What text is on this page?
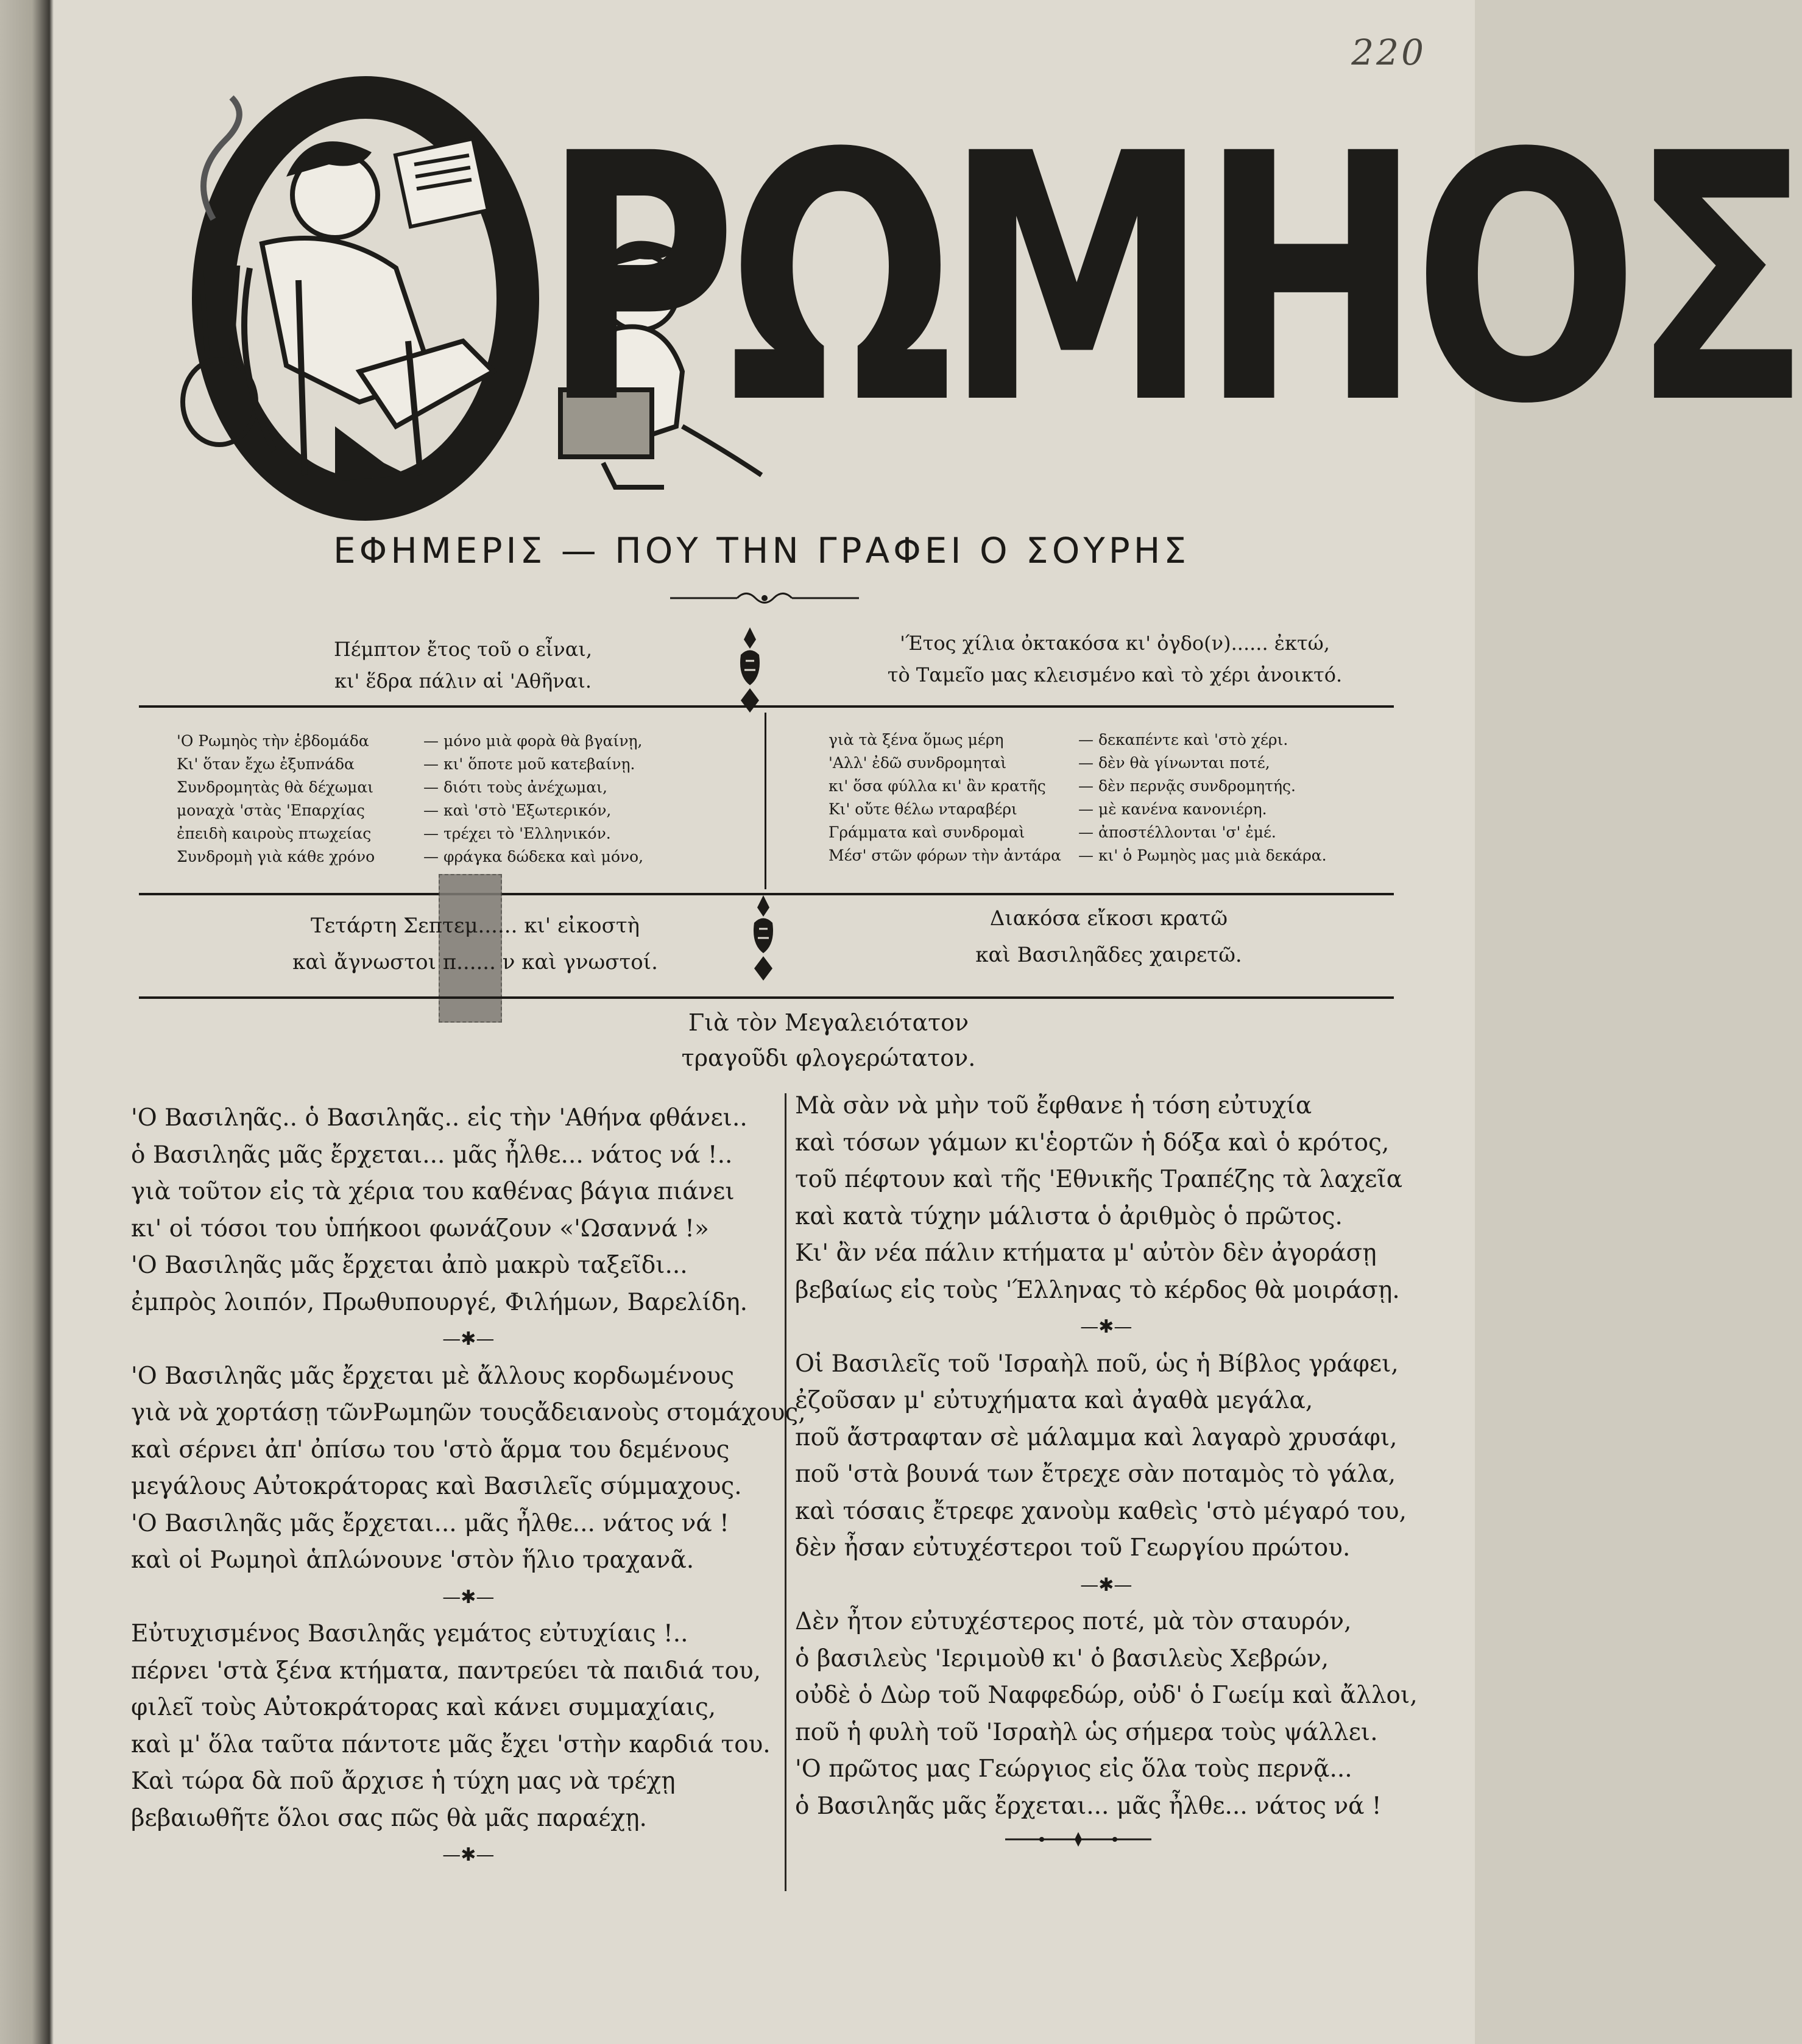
220
ΡΩΜΗΟΣ
ΕΦΗΜΕΡΙΣ — ΠΟΥ ΤΗΝ ΓΡΑΦΕΙ Ο ΣΟΥΡΗΣ
Πέμπτον ἔτος τοῦ ο εἶναι,
κι' ἕδρα πάλιν αἱ 'Αθῆναι.
'Έτος χίλια ὀκτακόσα κι' ὀγδο(ν)...... ἐκτώ,
τὸ Ταμεῖο μας κλεισμένο καὶ τὸ χέρι ἀνοικτό.
'Ο Ρωμηὸς τὴν ἑβδομάδα	— μόνο μιὰ φορὰ θὰ βγαίνῃ,
Κι' ὅταν ἔχω ἐξυπνάδα	— κι' ὅποτε μοῦ κατεβαίνῃ.
Συνδρομητὰς θὰ δέχωμαι	— διότι τοὺς ἀνέχωμαι,
μοναχὰ 'στὰς 'Επαρχίας	— καὶ 'στὸ 'Εξωτερικόν,
ἐπειδὴ καιροὺς πτωχείας	— τρέχει τὸ 'Ελληνικόν.
Συνδρομὴ γιὰ κάθε χρόνο	— φράγκα δώδεκα καὶ μόνο,
γιὰ τὰ ξένα ὅμως μέρη	— δεκαπέντε καὶ 'στὸ χέρι.
'Αλλ' ἐδῶ συνδρομηταὶ	— δὲν θὰ γίνωνται ποτέ,
κι' ὅσα φύλλα κι' ἂν κρατῆς — δὲν περνᾷς συνδρομητής.
Κι' οὔτε θέλω νταραβέρι	— μὲ κανένα κανονιέρη.
Γράμματα καὶ συνδρομαὶ	— ἀποστέλλονται 'σ' ἐμέ.
Μέσ' στῶν φόρων τὴν ἀντάρα — κι' ὁ Ρωμηὸς μας μιὰ δεκάρα.
Τετάρτη Σεπτεμ...... κι' εἰκοστὴ
καὶ ἄγνωστοι π...... ν καὶ γνωστοί.
Διακόσα εἴκοσι κρατῶ
καὶ Βασιληᾶδες χαιρετῶ.
Γιὰ τὸν Μεγαλειότατον
τραγοῦδι φλογερώτατον.
'Ο Βασιληᾶς.. ὁ Βασιληᾶς.. εἰς τὴν 'Αθήνα φθάνει..
ὁ Βασιληᾶς μᾶς ἔρχεται... μᾶς ἦλθε... νάτος νά !..
γιὰ τοῦτον εἰς τὰ χέρια του καθένας βάγια πιάνει
κι' οἱ τόσοι του ὑπήκοοι φωνάζουν «'Ωσαννά !»
'Ο Βασιληᾶς μᾶς ἔρχεται ἀπὸ μακρὺ ταξεῖδι...
ἐμπρὸς λοιπόν, Πρωθυπουργέ, Φιλήμων, Βαρελίδη.
—✱—
'Ο Βασιληᾶς μᾶς ἔρχεται μὲ ἄλλους κορδωμένους
γιὰ νὰ χορτάσῃ τῶνΡωμηῶν τουςἄδειανοὺς στομάχους,
καὶ σέρνει ἀπ' ὀπίσω του 'στὸ ἅρμα του δεμένους
μεγάλους Αὐτοκράτορας καὶ Βασιλεῖς σύμμαχους.
'Ο Βασιληᾶς μᾶς ἔρχεται... μᾶς ἦλθε... νάτος νά !
καὶ οἱ Ρωμηοὶ ἁπλώνουνε 'στὸν ἥλιο τραχανᾶ.
—✱—
Εὐτυχισμένος Βασιληᾶς γεμάτος εὐτυχίαις !..
πέρνει 'στὰ ξένα κτήματα, παντρεύει τὰ παιδιά του,
φιλεῖ τοὺς Αὐτοκράτορας καὶ κάνει συμμαχίαις,
καὶ μ' ὅλα ταῦτα πάντοτε μᾶς ἔχει 'στὴν καρδιά του.
Καὶ τώρα δὰ ποῦ ἄρχισε ἡ τύχη μας νὰ τρέχῃ
βεβαιωθῆτε ὅλοι σας πῶς θὰ μᾶς παραέχῃ.
—✱—
Μὰ σὰν νὰ μὴν τοῦ ἔφθανε ἡ τόση εὐτυχία
καὶ τόσων γάμων κι'ἑορτῶν ἡ δόξα καὶ ὁ κρότος,
τοῦ πέφτουν καὶ τῆς 'Εθνικῆς Τραπέζης τὰ λαχεῖα
καὶ κατὰ τύχην μάλιστα ὁ ἀριθμὸς ὁ πρῶτος.
Κι' ἂν νέα πάλιν κτήματα μ' αὐτὸν δὲν ἀγοράσῃ
βεβαίως εἰς τοὺς 'Έλληνας τὸ κέρδος θὰ μοιράσῃ.
—✱—
Οἱ Βασιλεῖς τοῦ 'Ισραὴλ ποῦ, ὡς ἡ Βίβλος γράφει,
ἐζοῦσαν μ' εὐτυχήματα καὶ ἀγαθὰ μεγάλα,
ποῦ ἄστραφταν σὲ μάλαμμα καὶ λαγαρὸ χρυσάφι,
ποῦ 'στὰ βουνά των ἔτρεχε σὰν ποταμὸς τὸ γάλα,
καὶ τόσαις ἔτρεφε χανοὺμ καθεὶς 'στὸ μέγαρό του,
δὲν ἦσαν εὐτυχέστεροι τοῦ Γεωργίου πρώτου.
—✱—
Δὲν ἦτον εὐτυχέστερος ποτέ, μὰ τὸν σταυρόν,
ὁ βασιλεὺς 'Ιεριμοὺθ κι' ὁ βασιλεὺς Χεβρών,
οὐδὲ ὁ Δὼρ τοῦ Ναφφεδώρ, οὐδ' ὁ Γωείμ καὶ ἄλλοι,
ποῦ ἡ φυλὴ τοῦ 'Ισραὴλ ὡς σήμερα τοὺς ψάλλει.
'Ο πρῶτος μας Γεώργιος εἰς ὅλα τοὺς περνᾷ...
ὁ Βασιληᾶς μᾶς ἔρχεται... μᾶς ἦλθε... νάτος νά !
